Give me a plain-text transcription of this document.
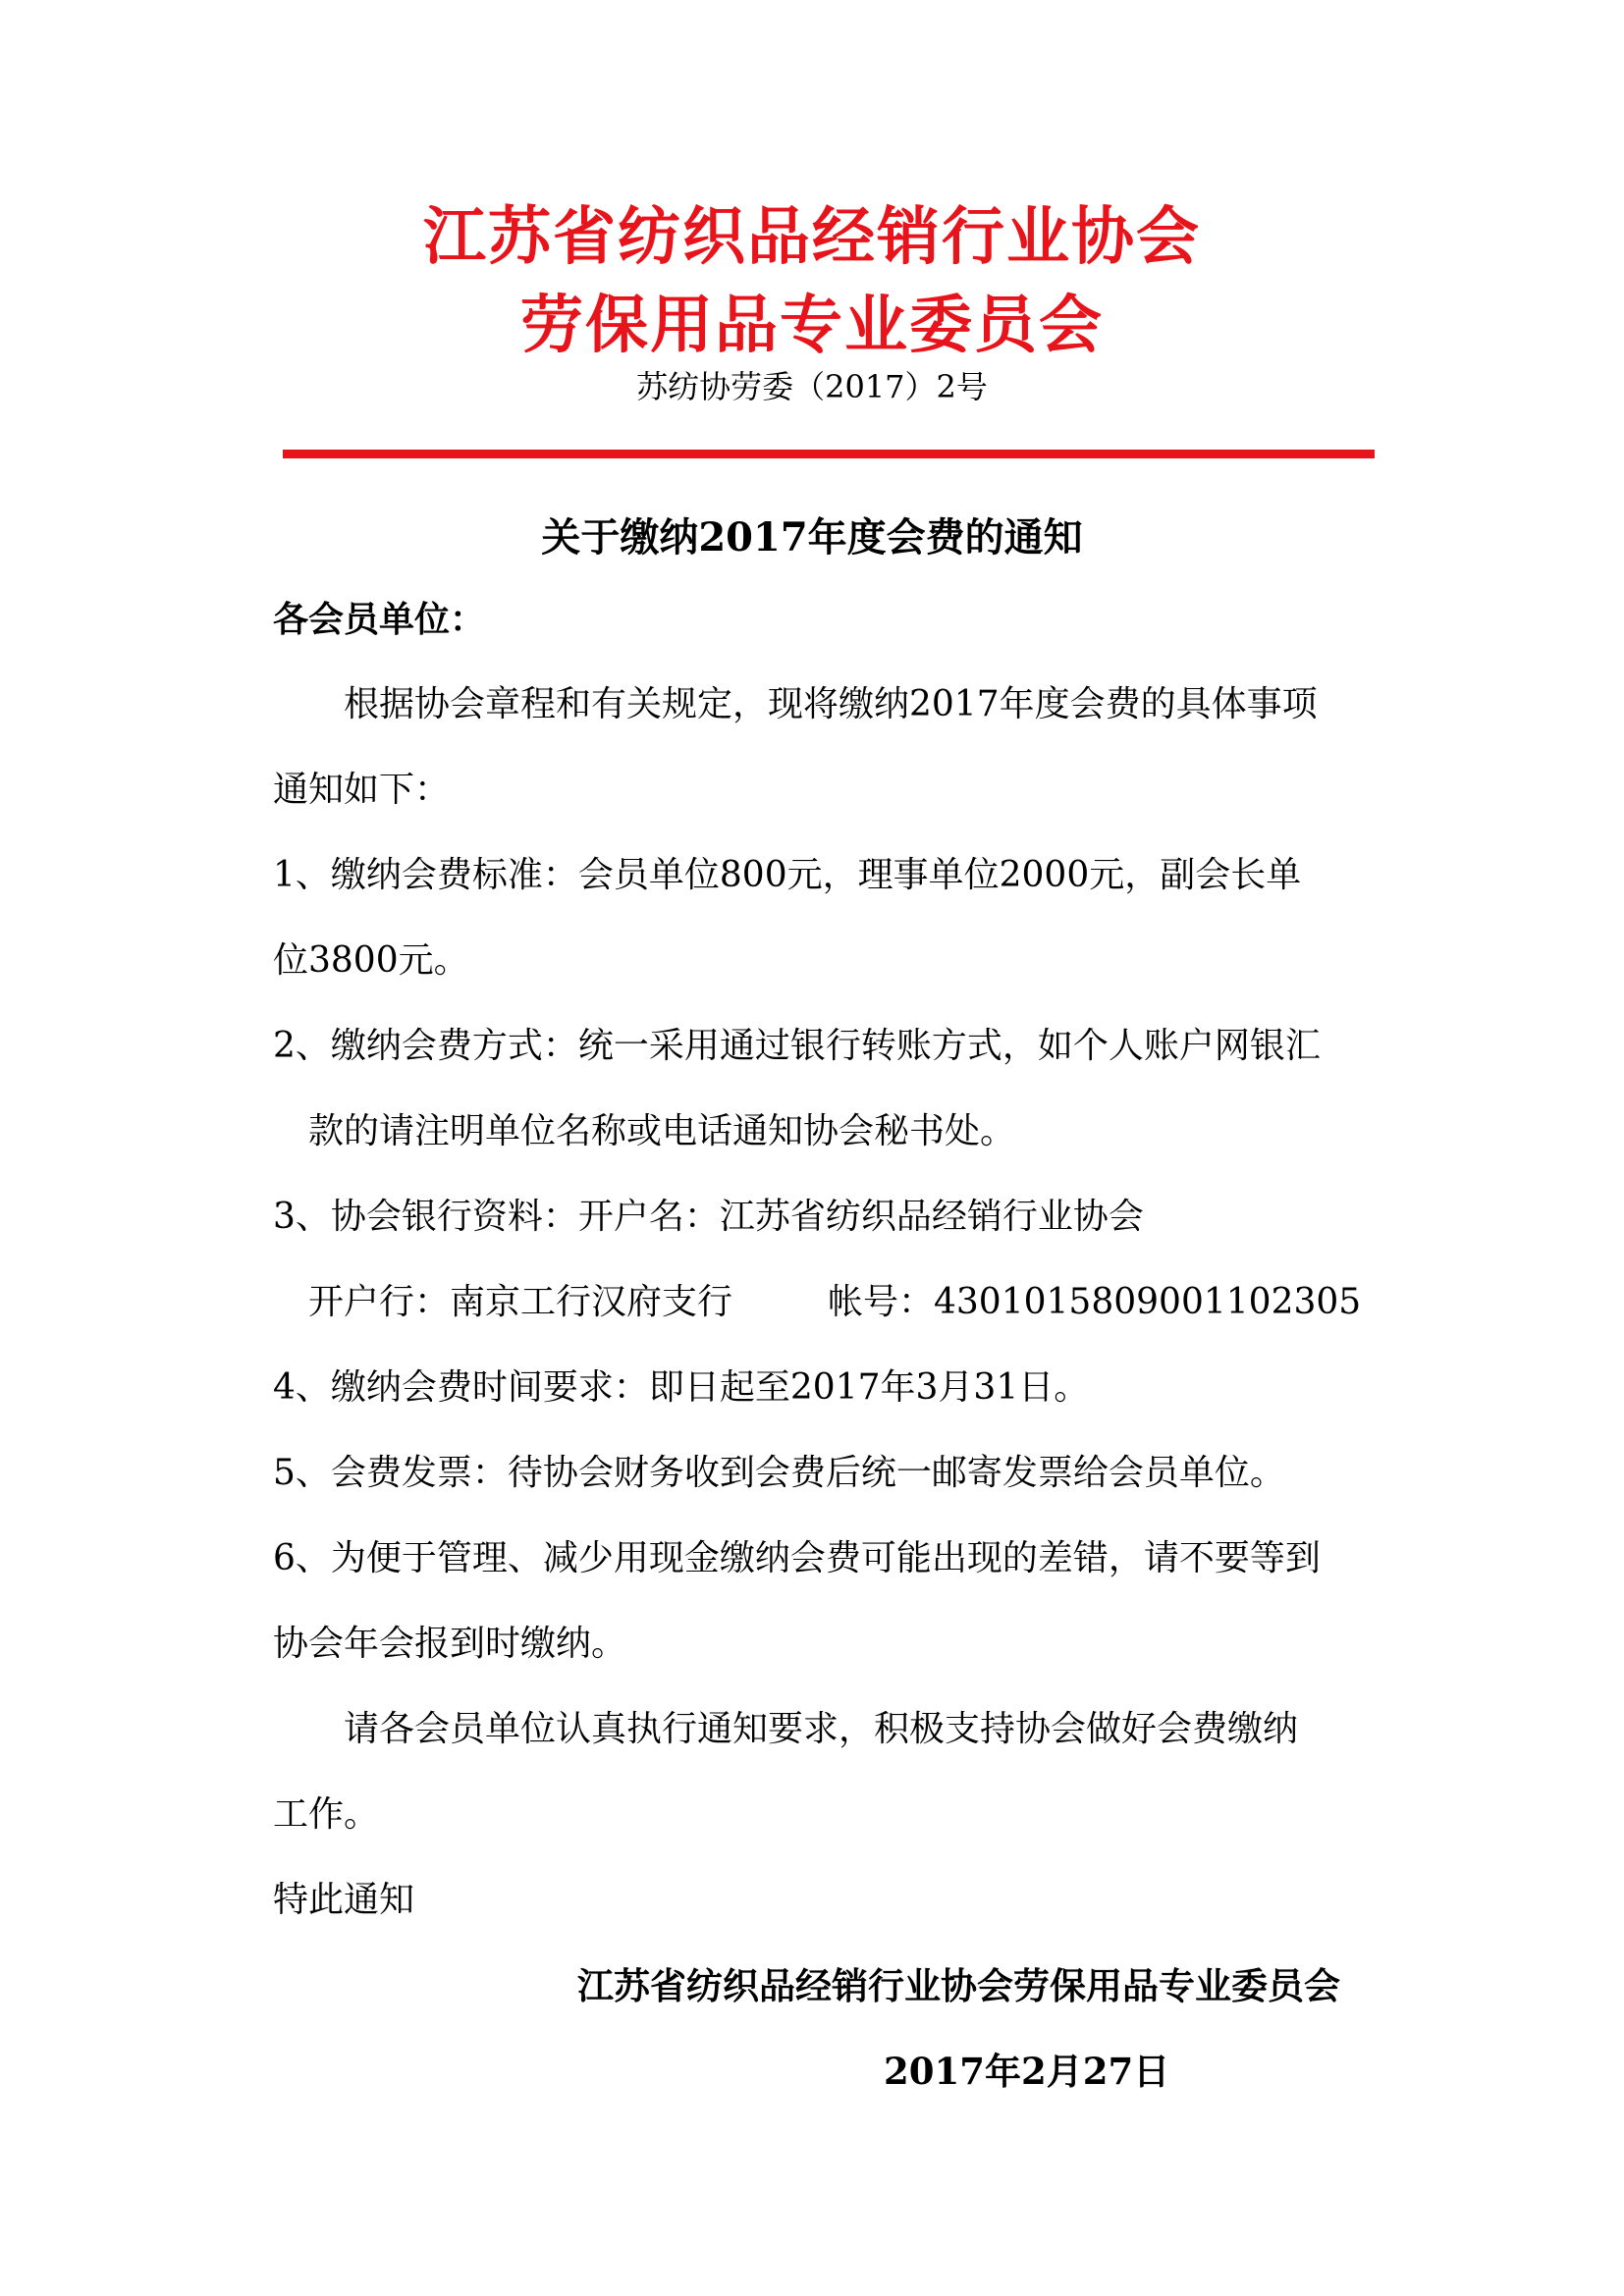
江苏省纺织品经销行业协会
劳保用品专业委员会
苏纺协劳委（2017）2号
关于缴纳2017年度会费的通知
各会员单位：
根据协会章程和有关规定，现将缴纳2017年度会费的具体事项
通知如下：
1、缴纳会费标准：会员单位800元，理事单位2000元，副会长单
位3800元。
2、缴纳会费方式：统一采用通过银行转账方式，如个人账户网银汇
款的请注明单位名称或电话通知协会秘书处。
3、协会银行资料：开户名：江苏省纺织品经销行业协会
开户行：南京工行汉府支行	帐号：4301015809001102305
4、缴纳会费时间要求：即日起至2017年3月31日。
5、会费发票：待协会财务收到会费后统一邮寄发票给会员单位。
6、为便于管理、减少用现金缴纳会费可能出现的差错，请不要等到
协会年会报到时缴纳。
请各会员单位认真执行通知要求，积极支持协会做好会费缴纳
工作。
特此通知
江苏省纺织品经销行业协会劳保用品专业委员会
2017年2月27日
